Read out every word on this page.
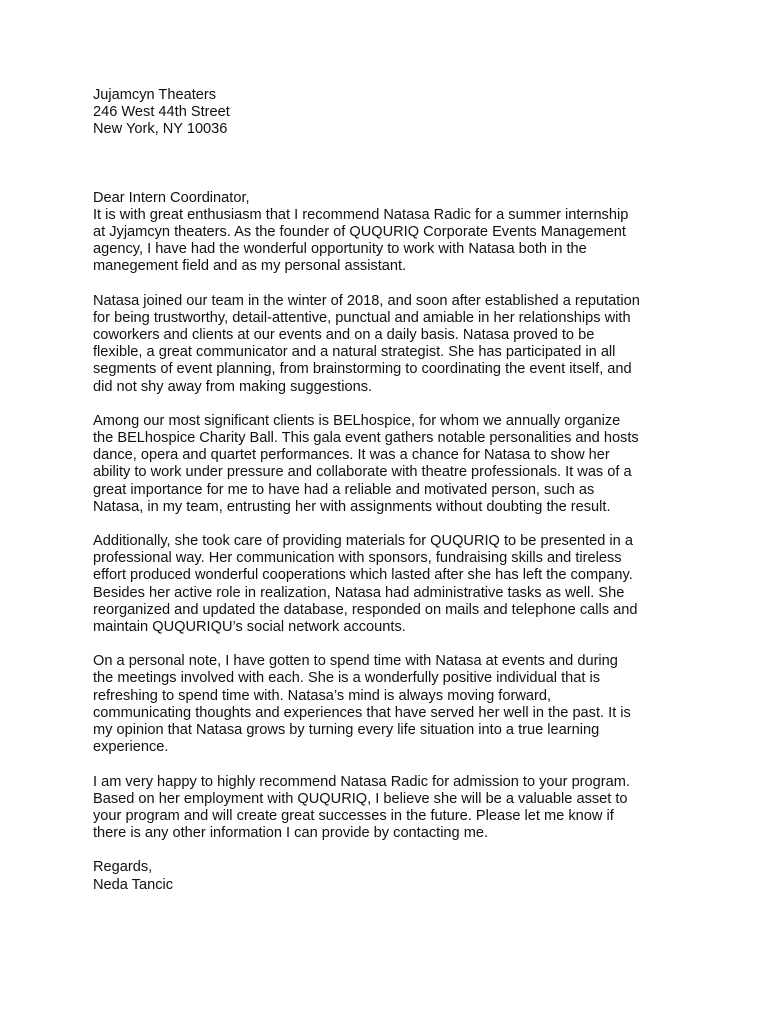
Jujamcyn Theaters
246 West 44th Street
New York, NY 10036

Dear Intern Coordinator,

It is with great enthusiasm that I recommend Natasa Radic for a summer internship
at Jyjamcyn theaters. As the founder of QUQURIQ Corporate Events Management
agency, I have had the wonderful opportunity to work with Natasa both in the
manegement field and as my personal assistant.
Natasa joined our team in the winter of 2018, and soon after established a reputation
for being trustworthy, detail-attentive, punctual and amiable in her relationships with
coworkers and clients at our events and on a daily basis. Natasa proved to be
flexible, a great communicator and a natural strategist. She has participated in all
segments of event planning, from brainstorming to coordinating the event itself, and
did not shy away from making suggestions.
Among our most significant clients is BELhospice, for whom we annually organize
the BELhospice Charity Ball. This gala event gathers notable personalities and hosts
dance, opera and quartet performances. It was a chance for Natasa to show her
ability to work under pressure and collaborate with theatre professionals. It was of a
great importance for me to have had a reliable and motivated person, such as
Natasa, in my team, entrusting her with assignments without doubting the result.
Additionally, she took care of providing materials for QUQURIQ to be presented in a
professional way. Her communication with sponsors, fundraising skills and tireless
effort produced wonderful cooperations which lasted after she has left the company.
Besides her active role in realization, Natasa had administrative tasks as well. She
reorganized and updated the database, responded on mails and telephone calls and
maintain QUQURIQU’s social network accounts.
On a personal note, I have gotten to spend time with Natasa at events and during
the meetings involved with each. She is a wonderfully positive individual that is
refreshing to spend time with. Natasa’s mind is always moving forward,
communicating thoughts and experiences that have served her well in the past. It is
my opinion that Natasa grows by turning every life situation into a true learning
experience.
I am very happy to highly recommend Natasa Radic for admission to your program.
Based on her employment with QUQURIQ, I believe she will be a valuable asset to
your program and will create great successes in the future. Please let me know if
there is any other information I can provide by contacting me.

Regards,

Neda Tancic
